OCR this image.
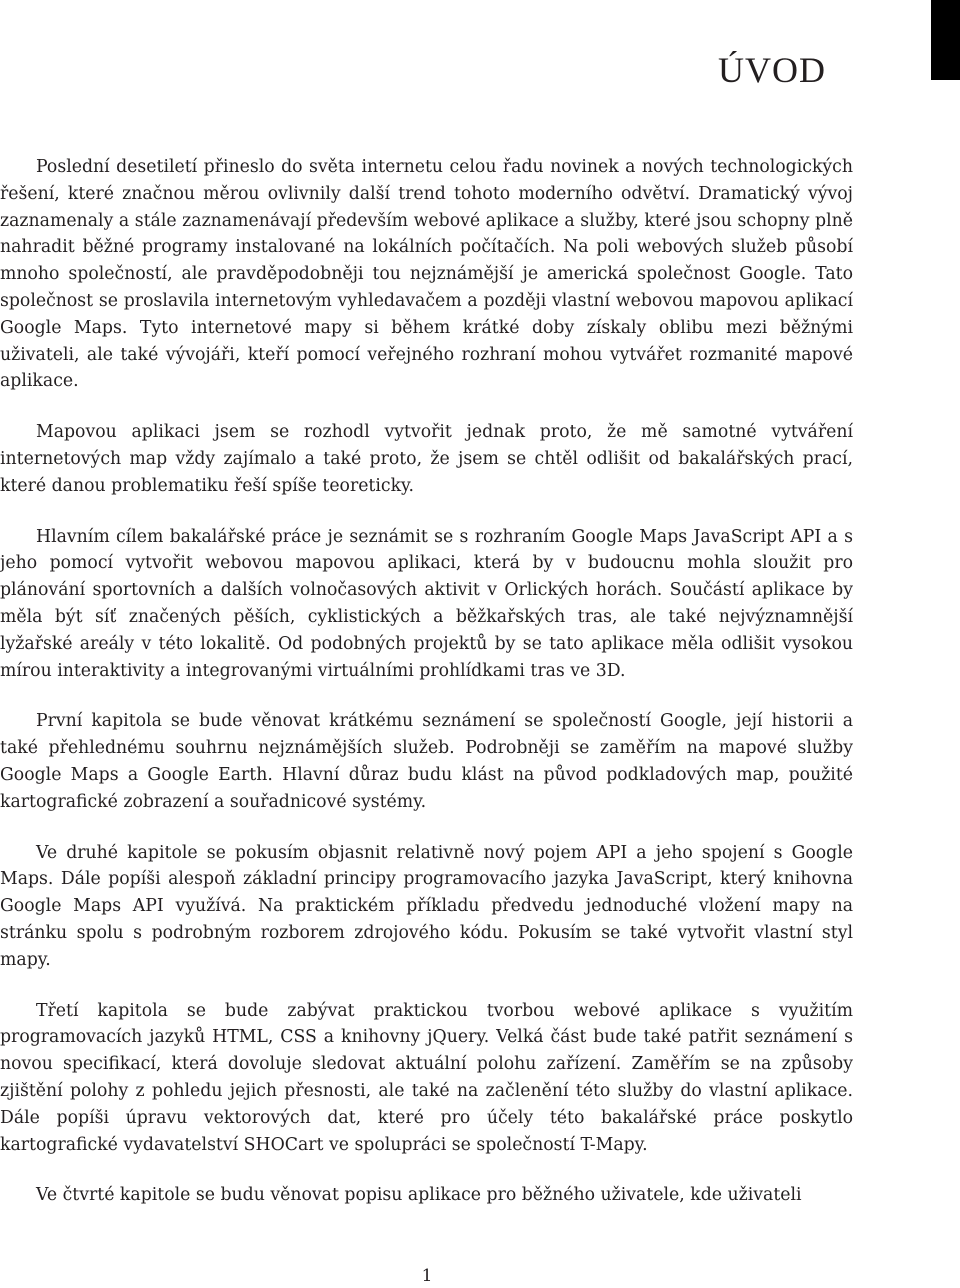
ÚVOD

Poslední desetiletí přineslo do světa internetu celou řadu novinek a nových technologických řešení, které značnou měrou ovlivnily další trend tohoto moderního odvětví. Dramatický vývoj zaznamenaly a stále zaznamenávají především webové aplikace a služby, které jsou schopny plně nahradit běžné programy instalované na lokálních počítačích. Na poli webových služeb působí mnoho společností, ale pravděpodobněji tou nejznámější je americká společnost Google. Tato společnost se proslavila internetovým vyhledavačem a později vlastní webovou mapovou aplikací Google Maps. Tyto internetové mapy si během krátké doby získaly oblibu mezi běžnými uživateli, ale také vývojáři, kteří pomocí veřejného rozhraní mohou vytvářet rozmanité mapové aplikace.

Mapovou aplikaci jsem se rozhodl vytvořit jednak proto, že mě samotné vytváření internetových map vždy zajímalo a také proto, že jsem se chtěl odlišit od bakalářských prací, které danou problematiku řeší spíše teoreticky.

Hlavním cílem bakalářské práce je seznámit se s rozhraním Google Maps JavaScript API a s jeho pomocí vytvořit webovou mapovou aplikaci, která by v budoucnu mohla sloužit pro plánování sportovních a dalších volnočasových aktivit v Orlických horách. Součástí aplikace by měla být síť značených pěších, cyklistických a běžkařských tras, ale také nejvýznamnější lyžařské areály v této lokalitě. Od podobných projektů by se tato aplikace měla odlišit vysokou mírou interaktivity a integrovanými virtuálními prohlídkami tras ve 3D.

První kapitola se bude věnovat krátkému seznámení se společností Google, její historii a také přehlednému souhrnu nejznámějších služeb. Podrobněji se zaměřím na mapové služby Google Maps a Google Earth. Hlavní důraz budu klást na původ podkladových map, použité kartografické zobrazení a souřadnicové systémy.

Ve druhé kapitole se pokusím objasnit relativně nový pojem API a jeho spojení s Google Maps. Dále popíši alespoň základní principy programovacího jazyka JavaScript, který knihovna Google Maps API využívá. Na praktickém příkladu předvedu jednoduché vložení mapy na stránku spolu s podrobným rozborem zdrojového kódu. Pokusím se také vytvořit vlastní styl mapy.

Třetí kapitola se bude zabývat praktickou tvorbou webové aplikace s využitím programovacích jazyků HTML, CSS a knihovny jQuery. Velká část bude také patřit seznámení s novou specifikací, která dovoluje sledovat aktuální polohu zařízení. Zaměřím se na způsoby zjištění polohy z pohledu jejich přesnosti, ale také na začlenění této služby do vlastní aplikace. Dále popíši úpravu vektorových dat, které pro účely této bakalářské práce poskytlo kartografické vydavatelství SHOCart ve spolupráci se společností T-Mapy.

Ve čtvrté kapitole se budu věnovat popisu aplikace pro běžného uživatele, kde uživateli

1
